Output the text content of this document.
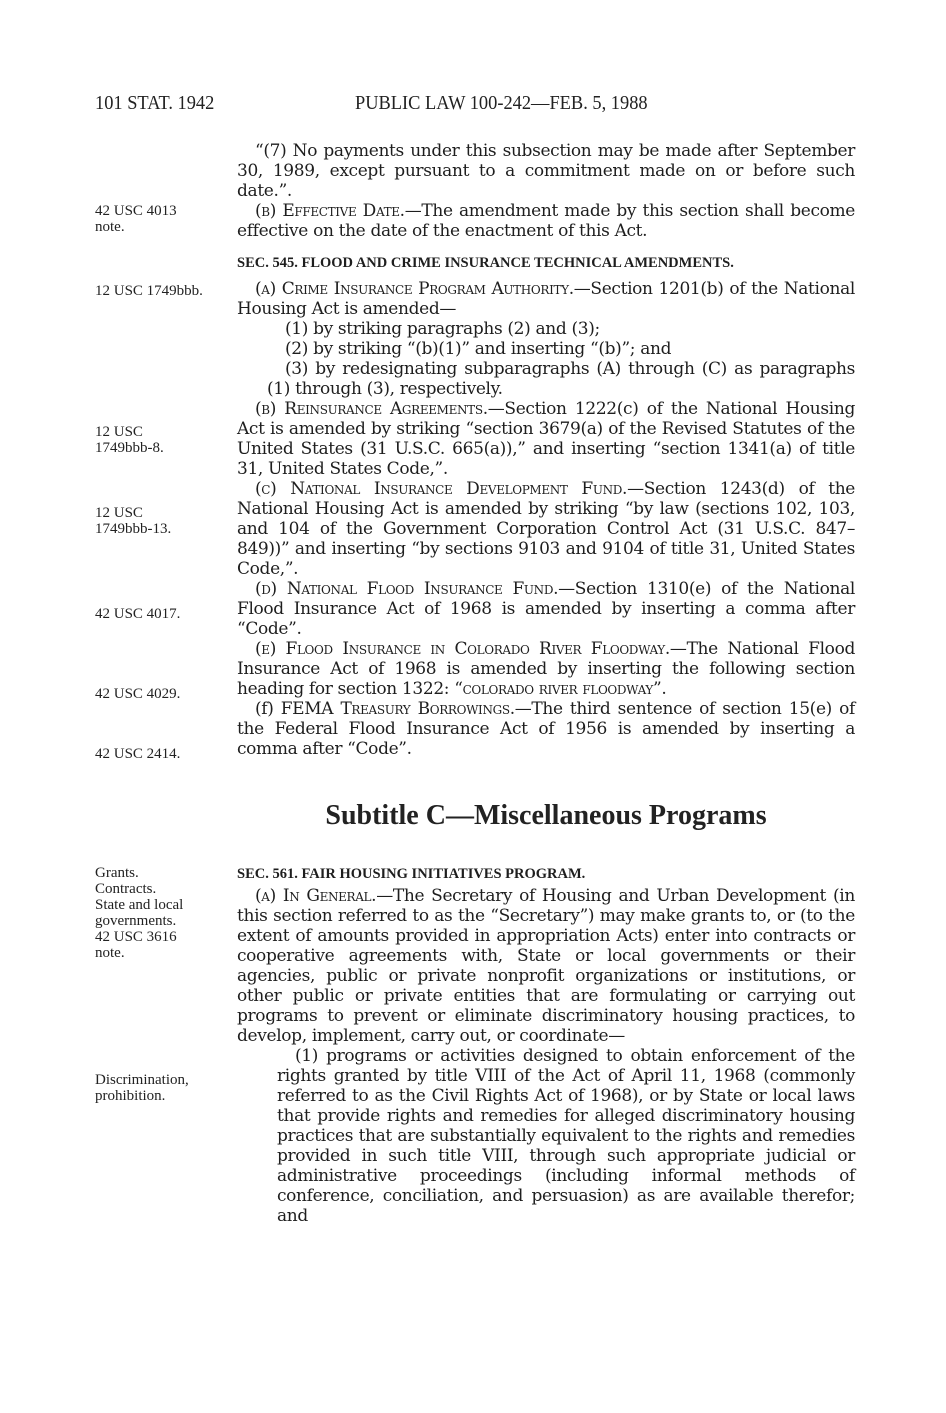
101 STAT. 1942	PUBLIC LAW 100-242—FEB. 5, 1988
42 USC 4013
note.
12 USC 1749bbb.
12 USC
1749bbb-8.
12 USC
1749bbb-13.
42 USC 4017.
42 USC 4029.
42 USC 2414.
Grants.
Contracts.
State and local
governments.
42 USC 3616
note.
Discrimination,
prohibition.

“(7) No payments under this subsection may be made after September 30, 1989, except pursuant to a commitment made on or before such date.”.

(b) Effective Date.—The amendment made by this section shall become effective on the date of the enactment of this Act.

SEC. 545. FLOOD AND CRIME INSURANCE TECHNICAL AMENDMENTS.

(a) Crime Insurance Program Authority.—Section 1201(b) of the National Housing Act is amended—

(1) by striking paragraphs (2) and (3);

(2) by striking “(b)(1)” and inserting “(b)”; and

(3) by redesignating subparagraphs (A) through (C) as paragraphs (1) through (3), respectively.

(b) Reinsurance Agreements.—Section 1222(c) of the National Housing Act is amended by striking “section 3679(a) of the Revised Statutes of the United States (31 U.S.C. 665(a)),” and inserting “section 1341(a) of title 31, United States Code,”.

(c) National Insurance Development Fund.—Section 1243(d) of the National Housing Act is amended by striking “by law (sections 102, 103, and 104 of the Government Corporation Control Act (31 U.S.C. 847–849))” and inserting “by sections 9103 and 9104 of title 31, United States Code,”.

(d) National Flood Insurance Fund.—Section 1310(e) of the National Flood Insurance Act of 1968 is amended by inserting a comma after “Code”.

(e) Flood Insurance in Colorado River Floodway.—The National Flood Insurance Act of 1968 is amended by inserting the following section heading for section 1322: “colorado river floodway”.

(f) FEMA Treasury Borrowings.—The third sentence of section 15(e) of the Federal Flood Insurance Act of 1956 is amended by inserting a comma after “Code”.

Subtitle C—Miscellaneous Programs

SEC. 561. FAIR HOUSING INITIATIVES PROGRAM.

(a) In General.—The Secretary of Housing and Urban Development (in this section referred to as the “Secretary”) may make grants to, or (to the extent of amounts provided in appropriation Acts) enter into contracts or cooperative agreements with, State or local governments or their agencies, public or private nonprofit organizations or institutions, or other public or private entities that are formulating or carrying out programs to prevent or eliminate discriminatory housing practices, to develop, implement, carry out, or coordinate—

(1) programs or activities designed to obtain enforcement of the rights granted by title VIII of the Act of April 11, 1968 (commonly referred to as the Civil Rights Act of 1968), or by State or local laws that provide rights and remedies for alleged discriminatory housing practices that are substantially equivalent to the rights and remedies provided in such title VIII, through such appropriate judicial or administrative proceedings (including informal methods of conference, conciliation, and persuasion) as are available therefor; and
